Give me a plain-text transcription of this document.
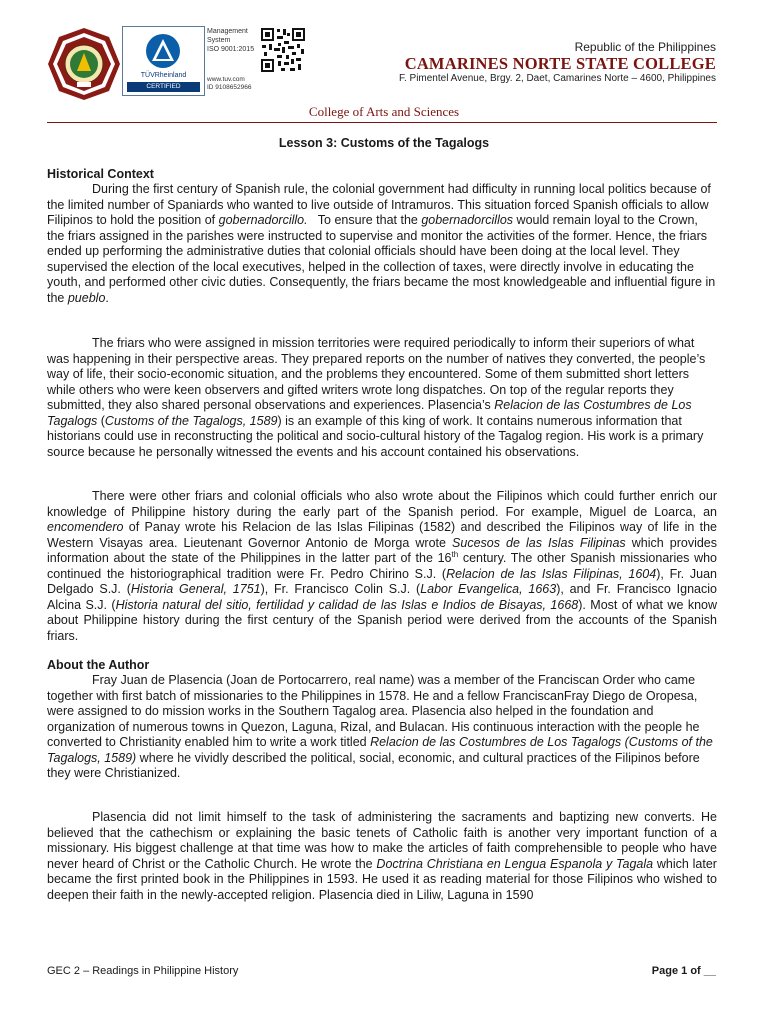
TÜVRheinland
CERTIFIED
Management
System
ISO 9001:2015
www.tuv.com
ID 9108652966
Republic of the Philippines
CAMARINES NORTE STATE COLLEGE
F. Pimentel Avenue, Brgy. 2, Daet, Camarines Norte – 4600, Philippines
College of Arts and Sciences
Lesson 3: Customs of the Tagalogs
Historical Context
During the first century of Spanish rule, the colonial government had difficulty in running local politics because of the limited number of Spaniards who wanted to live outside of Intramuros. This situation forced Spanish officials to allow Filipinos to hold the position of gobernadorcillo.   To ensure that the gobernadorcillos would remain loyal to the Crown, the friars assigned in the parishes were instructed to supervise and monitor the activities of the former. Hence, the friars ended up performing the administrative duties that colonial officials should have been doing at the local level. They supervised the election of the local executives, helped in the collection of taxes, were directly involve in educating the youth, and performed other civic duties. Consequently, the friars became the most knowledgeable and influential figure in the pueblo.
The friars who were assigned in mission territories were required periodically to inform their superiors of what was happening in their perspective areas. They prepared reports on the number of natives they converted, the people’s way of life, their socio-economic situation, and the problems they encountered. Some of them submitted short letters while others who were keen observers and gifted writers wrote long dispatches. On top of the regular reports they submitted, they also shared personal observations and experiences. Plasencia’s Relacion de las Costumbres de Los Tagalogs (Customs of the Tagalogs, 1589) is an example of this king of work. It contains numerous information that historians could use in reconstructing the political and socio-cultural history of the Tagalog region. His work is a primary source because he personally witnessed the events and his account contained his observations.
There were other friars and colonial officials who also wrote about the Filipinos which could further enrich our knowledge of Philippine history during the early part of the Spanish period. For example, Miguel de Loarca, an encomendero of Panay wrote his Relacion de las Islas Filipinas (1582) and described the Filipinos way of life in the Western Visayas area. Lieutenant Governor Antonio de Morga wrote Sucesos de las Islas Filipinas which provides information about the state of the Philippines in the latter part of the 16th century. The other Spanish missionaries who continued the historiographical tradition were Fr. Pedro Chirino S.J. (Relacion de las Islas Filipinas, 1604), Fr. Juan Delgado S.J. (Historia General, 1751), Fr. Francisco Colin S.J. (Labor Evangelica, 1663), and Fr. Francisco Ignacio Alcina S.J. (Historia natural del sitio, fertilidad y calidad de las Islas e Indios de Bisayas, 1668). Most of what we know about Philippine history during the first century of the Spanish period were derived from the accounts of the Spanish friars.
About the Author
Fray Juan de Plasencia (Joan de Portocarrero, real name) was a member of the Franciscan Order who came together with first batch of missionaries to the Philippines in 1578. He and a fellow FranciscanFray Diego de Oropesa, were assigned to do mission works in the Southern Tagalog area. Plasencia also helped in the foundation and organization of numerous towns in Quezon, Laguna, Rizal, and Bulacan. His continuous interaction with the people he converted to Christianity enabled him to write a work titled Relacion de las Costumbres de Los Tagalogs (Customs of the Tagalogs, 1589) where he vividly described the political, social, economic, and cultural practices of the Filipinos before they were Christianized.
Plasencia did not limit himself to the task of administering the sacraments and baptizing new converts. He believed that the cathechism or explaining the basic tenets of Catholic faith is another very important function of a missionary. His biggest challenge at that time was how to make the articles of faith comprehensible to people who have never heard of Christ or the Catholic Church. He wrote the Doctrina Christiana en Lengua Espanola y Tagala which later became the first printed book in the Philippines in 1593. He used it as reading material for those Filipinos who wished to deepen their faith in the newly-accepted religion. Plasencia died in Liliw, Laguna in 1590
GEC 2 – Readings in Philippine History	Page 1 of __
